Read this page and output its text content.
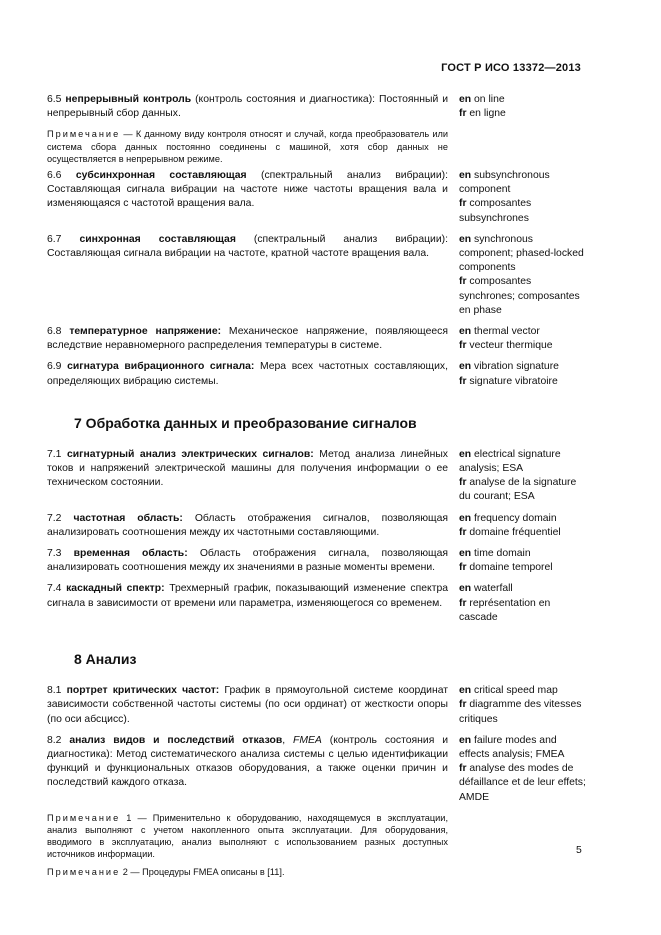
ГОСТ Р ИСО 13372—2013
6.5 непрерывный контроль (контроль состояния и диагностика): Постоянный и непрерывный сбор данных.
en on line
fr en ligne
Примечание — К данному виду контроля относят и случай, когда преобразователь или система сбора данных постоянно соединены с машиной, хотя сбор данных не осуществляется в непрерывном режиме.
6.6 субсинхронная составляющая (спектральный анализ вибрации): Составляющая сигнала вибрации на частоте ниже частоты вращения вала и изменяющаяся с частотой вращения вала.
en subsynchronous component
fr composantes subsynchrones
6.7 синхронная составляющая (спектральный анализ вибрации): Составляющая сигнала вибрации на частоте, кратной частоте вращения вала.
en synchronous component; phased-locked components
fr composantes synchrones; composantes en phase
6.8 температурное напряжение: Механическое напряжение, появляющееся вследствие неравномерного распределения температуры в системе.
en thermal vector
fr vecteur thermique
6.9 сигнатура вибрационного сигнала: Мера всех частотных составляющих, определяющих вибрацию системы.
en vibration signature
fr signature vibratoire
7 Обработка данных и преобразование сигналов
7.1 сигнатурный анализ электрических сигналов: Метод анализа линейных токов и напряжений электрической машины для получения информации о ее техническом состоянии.
en electrical signature analysis; ESA
fr analyse de la signature du courant; ESA
7.2 частотная область: Область отображения сигналов, позволяющая анализировать соотношения между их частотными составляющими.
en frequency domain
fr domaine fréquentiel
7.3 временная область: Область отображения сигнала, позволяющая анализировать соотношения между их значениями в разные моменты времени.
en time domain
fr domaine temporel
7.4 каскадный спектр: Трехмерный график, показывающий изменение спектра сигнала в зависимости от времени или параметра, изменяющегося со временем.
en waterfall
fr représentation en cascade
8 Анализ
8.1 портрет критических частот: График в прямоугольной системе координат зависимости собственной частоты системы (по оси ординат) от жесткости опоры (по оси абсцисс).
en critical speed map
fr diagramme des vitesses critiques
8.2 анализ видов и последствий отказов, FMEA (контроль состояния и диагностика): Метод систематического анализа системы с целью идентификации функций и функциональных отказов оборудования, а также оценки причин и последствий каждого отказа.
en failure modes and effects analysis; FMEA
fr analyse des modes de défaillance et de leur effets; AMDE
Примечание 1 — Применительно к оборудованию, находящемуся в эксплуатации, анализ выполняют с учетом накопленного опыта эксплуатации. Для оборудования, вводимого в эксплуатацию, анализ выполняют с использованием разных доступных источников информации.
Примечание 2 — Процедуры FMEA описаны в [11].
5
